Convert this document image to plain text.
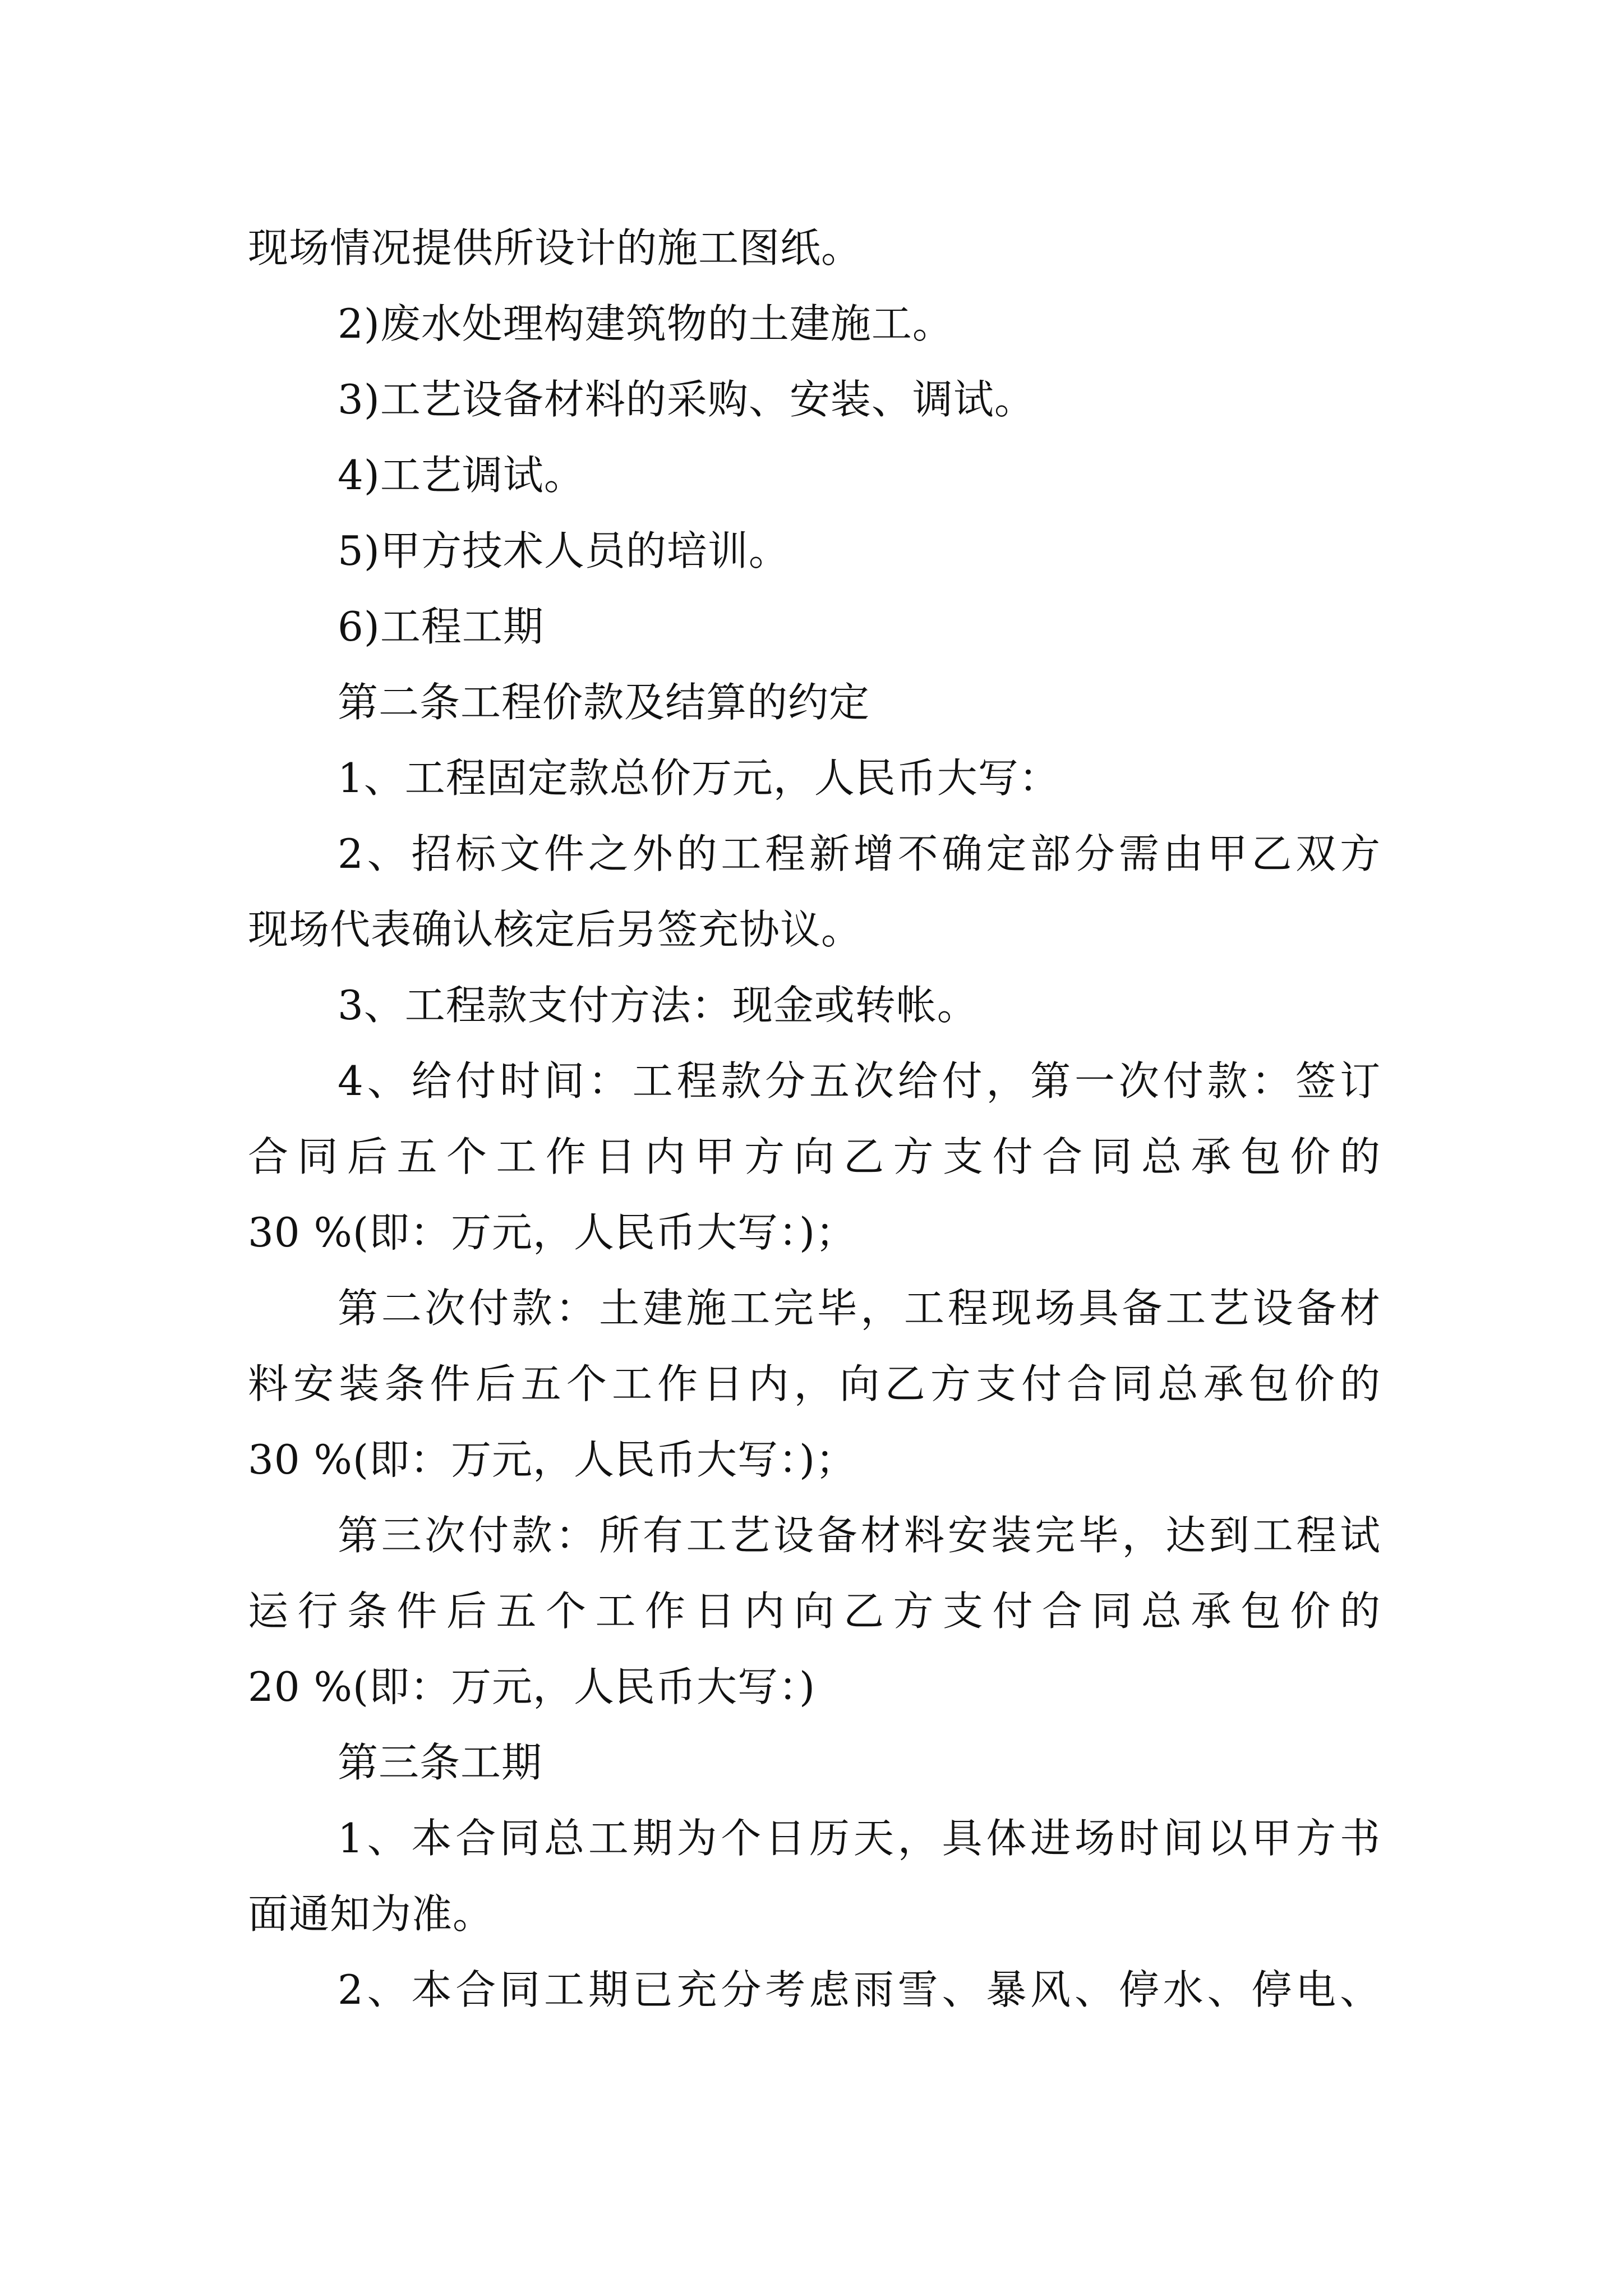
现场情况提供所设计的施工图纸。
2)废水处理构建筑物的土建施工。
3)工艺设备材料的采购、安装、调试。
4)工艺调试。
5)甲方技术人员的培训。
6)工程工期
第二条工程价款及结算的约定
1、工程固定款总价万元，人民币大写：
2、招标文件之外的工程新增不确定部分需由甲乙双方
现场代表确认核定后另签充协议。
3、工程款支付方法：现金或转帐。
4、给付时间：工程款分五次给付，第一次付款：签订
合同后五个工作日内甲方向乙方支付合同总承包价的
30 %(即：万元，人民币大写：)；
第二次付款：土建施工完毕，工程现场具备工艺设备材
料安装条件后五个工作日内，向乙方支付合同总承包价的
30 %(即：万元，人民币大写：)；
第三次付款：所有工艺设备材料安装完毕，达到工程试
运行条件后五个工作日内向乙方支付合同总承包价的
20 %(即：万元，人民币大写：)
第三条工期
1、本合同总工期为个日历天，具体进场时间以甲方书
面通知为准。
2、本合同工期已充分考虑雨雪、暴风、停水、停电、
